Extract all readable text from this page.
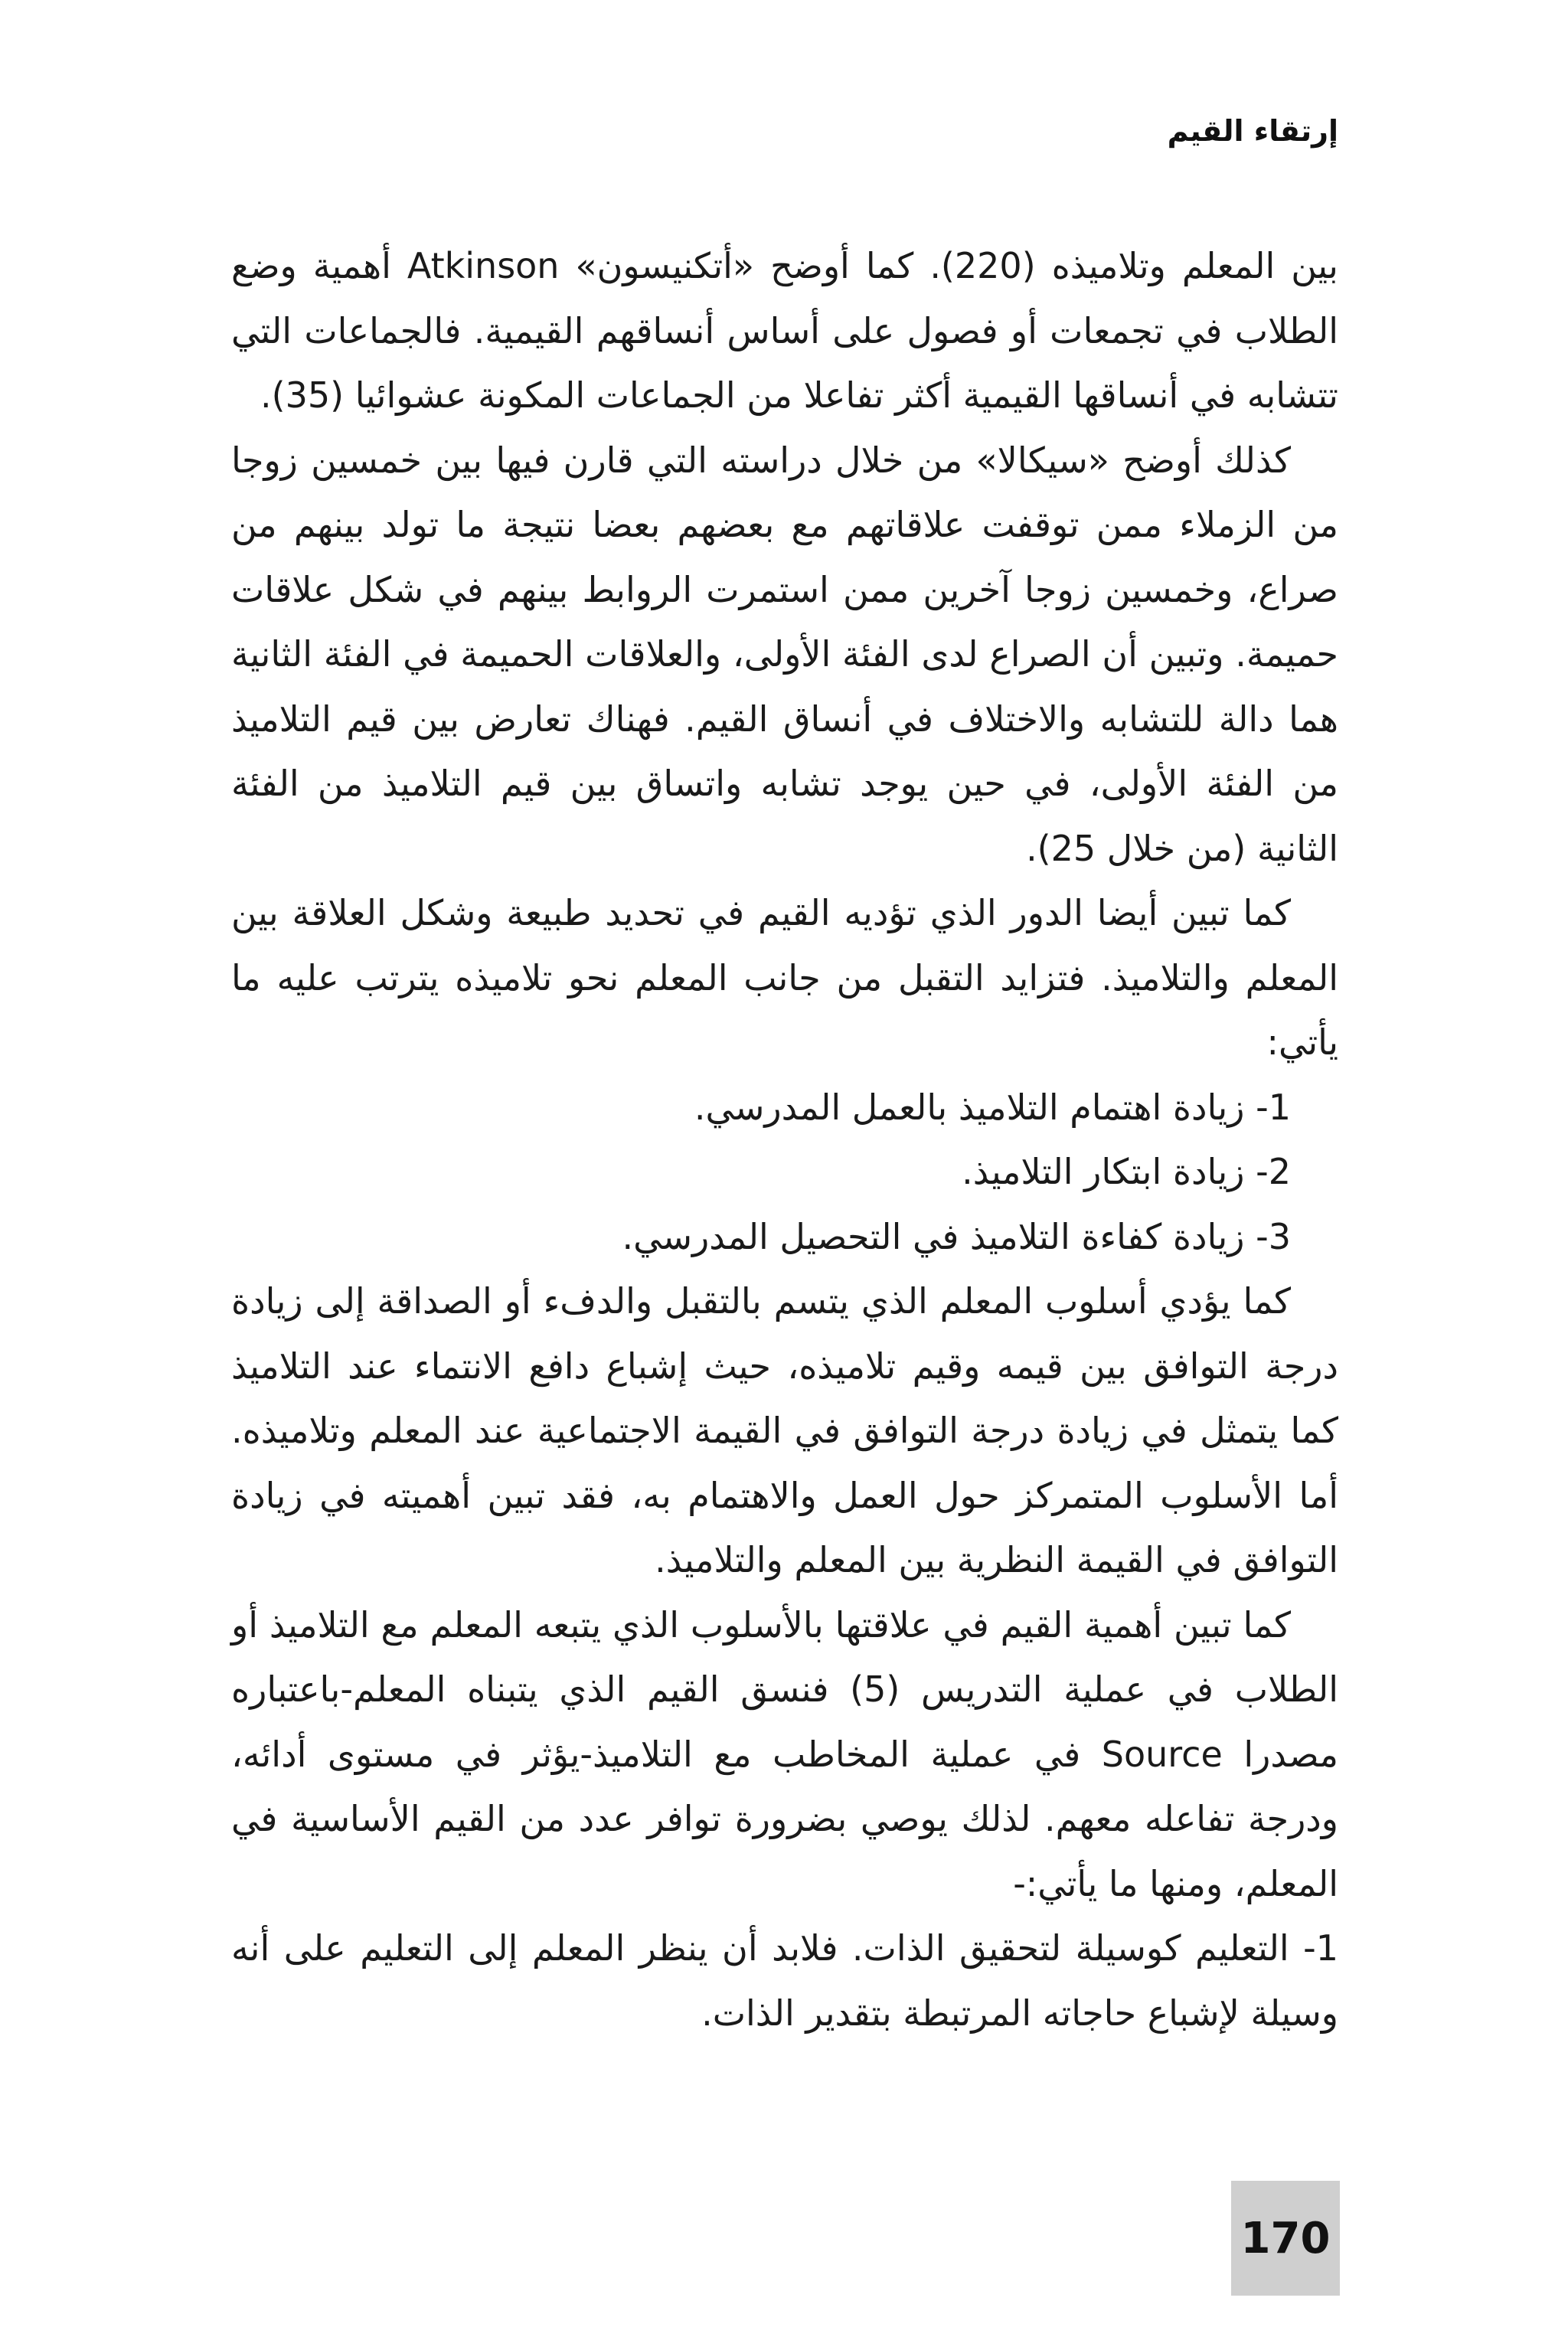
إرتقاء القيم

بين المعلم وتلاميذه (220). كما أوضح «أتكنيسون» Atkinson أهمية وضع الطلاب في تجمعات أو فصول على أساس أنساقهم القيمية. فالجماعات التي تتشابه في أنساقها القيمية أكثر تفاعلا من الجماعات المكونة عشوائيا (35).

كذلك أوضح «سيكالا» من خلال دراسته التي قارن فيها بين خمسين زوجا من الزملاء ممن توقفت علاقاتهم مع بعضهم بعضا نتيجة ما تولد بينهم من صراع، وخمسين زوجا آخرين ممن استمرت الروابط بينهم في شكل علاقات حميمة. وتبين أن الصراع لدى الفئة الأولى، والعلاقات الحميمة في الفئة الثانية هما دالة للتشابه والاختلاف في أنساق القيم. فهناك تعارض بين قيم التلاميذ من الفئة الأولى، في حين يوجد تشابه واتساق بين قيم التلاميذ من الفئة الثانية (من خلال 25).

كما تبين أيضا الدور الذي تؤديه القيم في تحديد طبيعة وشكل العلاقة بين المعلم والتلاميذ. فتزايد التقبل من جانب المعلم نحو تلاميذه يترتب عليه ما يأتي:

1- زيادة اهتمام التلاميذ بالعمل المدرسي.

2- زيادة ابتكار التلاميذ.

3- زيادة كفاءة التلاميذ في التحصيل المدرسي.

كما يؤدي أسلوب المعلم الذي يتسم بالتقبل والدفء أو الصداقة إلى زيادة درجة التوافق بين قيمه وقيم تلاميذه، حيث إشباع دافع الانتماء عند التلاميذ كما يتمثل في زيادة درجة التوافق في القيمة الاجتماعية عند المعلم وتلاميذه. أما الأسلوب المتمركز حول العمل والاهتمام به، فقد تبين أهميته في زيادة التوافق في القيمة النظرية بين المعلم والتلاميذ.

كما تبين أهمية القيم في علاقتها بالأسلوب الذي يتبعه المعلم مع التلاميذ أو الطلاب في عملية التدريس (5) فنسق القيم الذي يتبناه المعلم-باعتباره مصدرا Source في عملية المخاطب مع التلاميذ-يؤثر في مستوى أدائه، ودرجة تفاعله معهم. لذلك يوصي بضرورة توافر عدد من القيم الأساسية في المعلم، ومنها ما يأتي:-

1- التعليم كوسيلة لتحقيق الذات. فلابد أن ينظر المعلم إلى التعليم على أنه وسيلة لإشباع حاجاته المرتبطة بتقدير الذات.

170
